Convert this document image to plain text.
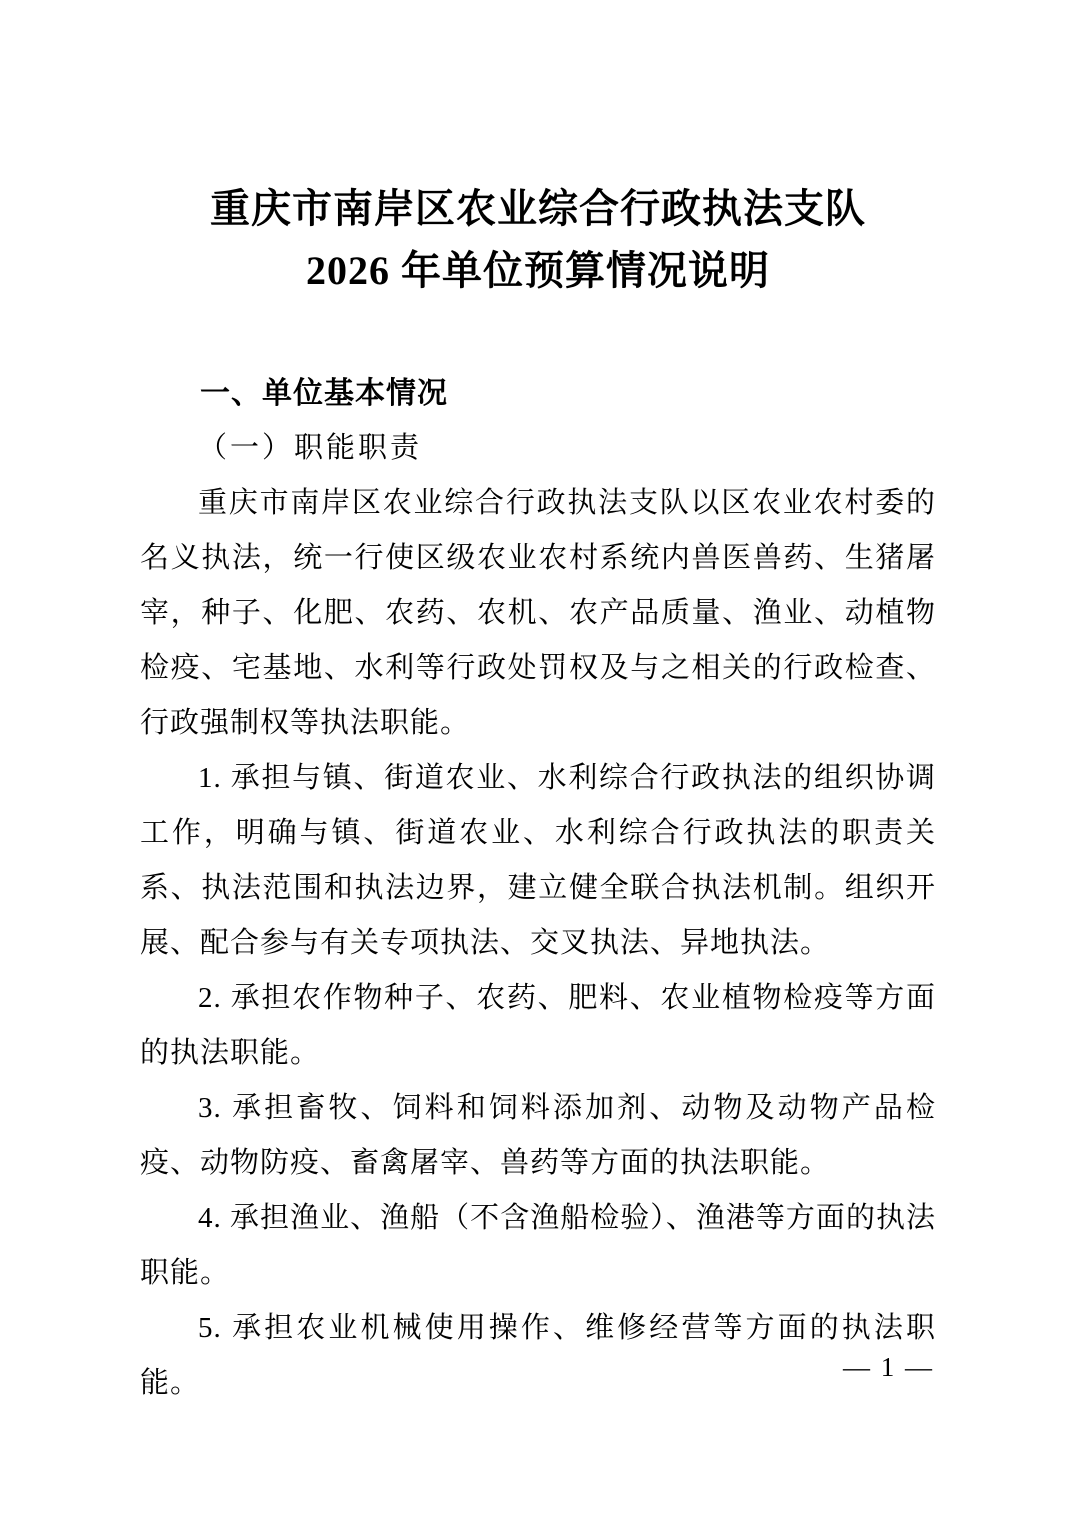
重庆市南岸区农业综合行政执法支队
2026 年单位预算情况说明
一、单位基本情况
（一）职能职责

重庆市南岸区农业综合行政执法支队以区农业农村委的名义执法，统一行使区级农业农村系统内兽医兽药、生猪屠宰，种子、化肥、农药、农机、农产品质量、渔业、动植物检疫、宅基地、水利等行政处罚权及与之相关的行政检查、行政强制权等执法职能。

1. 承担与镇、街道农业、水利综合行政执法的组织协调工作，明确与镇、街道农业、水利综合行政执法的职责关系、执法范围和执法边界，建立健全联合执法机制。组织开展、配合参与有关专项执法、交叉执法、异地执法。

2. 承担农作物种子、农药、肥料、农业植物检疫等方面的执法职能。

3. 承担畜牧、饲料和饲料添加剂、动物及动物产品检疫、动物防疫、畜禽屠宰、兽药等方面的执法职能。

4. 承担渔业、渔船（不含渔船检验）、渔港等方面的执法职能。

5. 承担农业机械使用操作、维修经营等方面的执法职能。	— 1 —
